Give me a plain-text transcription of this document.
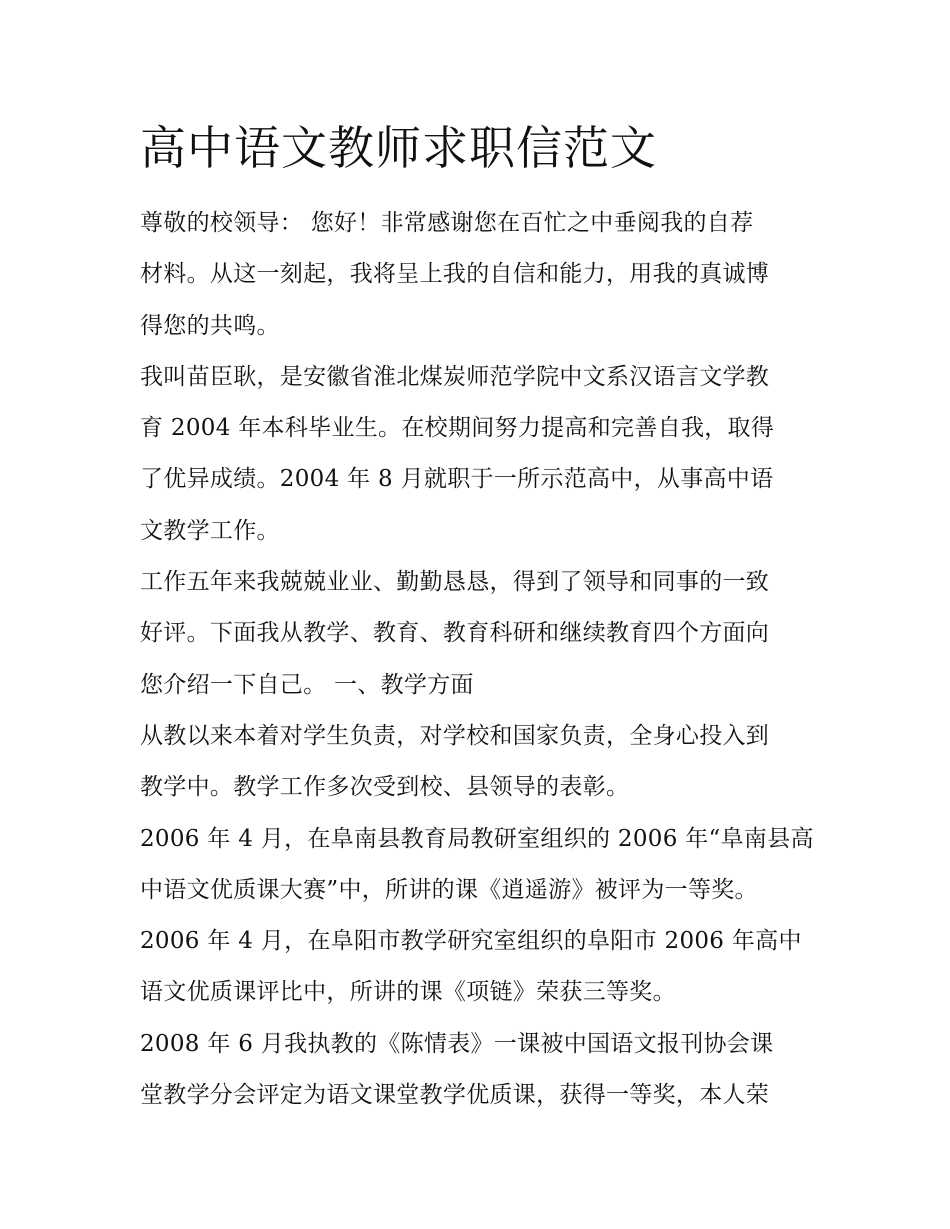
高中语文教师求职信范文
尊敬的校领导： 您好！非常感谢您在百忙之中垂阅我的自荐
材料。从这一刻起，我将呈上我的自信和能力，用我的真诚博
得您的共鸣。
我叫苗臣耿，是安徽省淮北煤炭师范学院中文系汉语言文学教
育 2004 年本科毕业生。在校期间努力提高和完善自我，取得
了优异成绩。2004 年 8 月就职于一所示范高中，从事高中语
文教学工作。
工作五年来我兢兢业业、勤勤恳恳，得到了领导和同事的一致
好评。下面我从教学、教育、教育科研和继续教育四个方面向
您介绍一下自己。 一、教学方面
从教以来本着对学生负责，对学校和国家负责，全身心投入到
教学中。教学工作多次受到校、县领导的表彰。
2006 年 4 月，在阜南县教育局教研室组织的 2006 年“阜南县高
中语文优质课大赛”中，所讲的课《逍遥游》被评为一等奖。
2006 年 4 月，在阜阳市教学研究室组织的阜阳市 2006 年高中
语文优质课评比中，所讲的课《项链》荣获三等奖。
2008 年 6 月我执教的《陈情表》一课被中国语文报刊协会课
堂教学分会评定为语文课堂教学优质课，获得一等奖，本人荣
